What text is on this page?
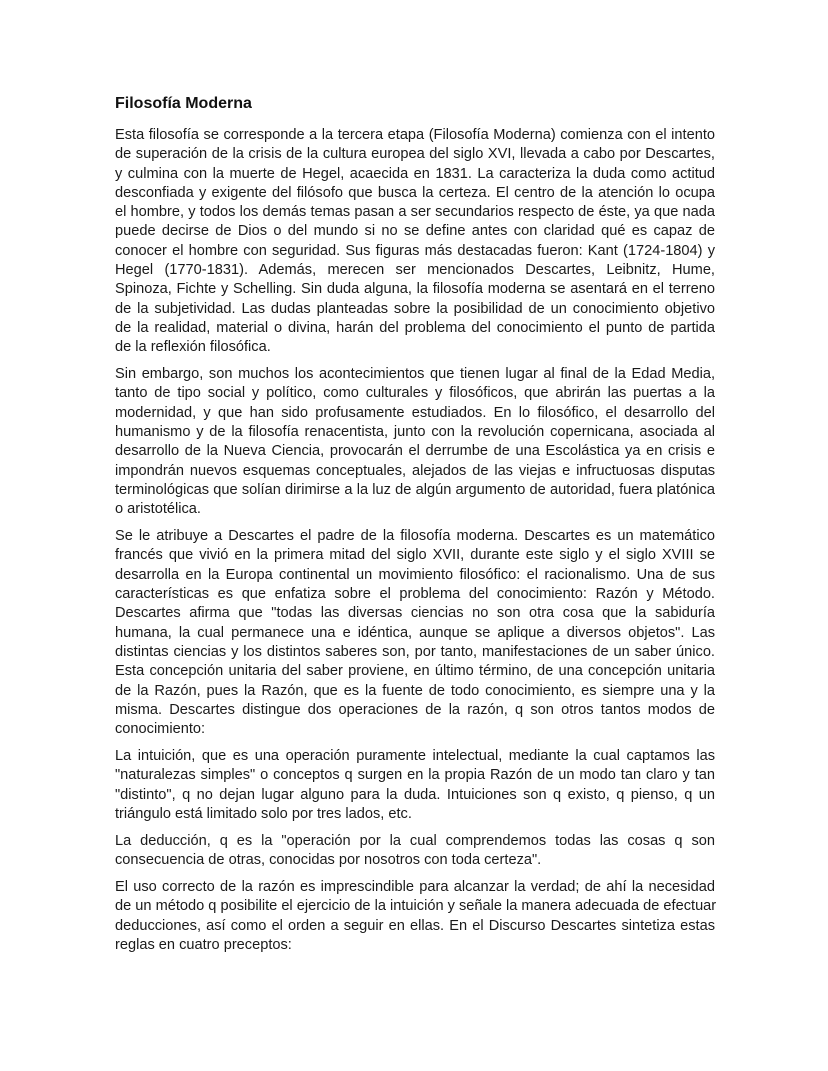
Filosofía Moderna

Esta filosofía se corresponde a la tercera etapa (Filosofía Moderna) comienza con el intento
de superación de la crisis de la cultura europea del siglo XVI, llevada a cabo por Descartes,
y culmina con la muerte de Hegel, acaecida en 1831. La caracteriza la duda como actitud
desconfiada y exigente del filósofo que busca la certeza. El centro de la atención lo ocupa
el hombre, y todos los demás temas pasan a ser secundarios respecto de éste, ya que nada
puede decirse de Dios o del mundo si no se define antes con claridad qué es capaz de
conocer el hombre con seguridad. Sus figuras más destacadas fueron: Kant (1724-1804) y
Hegel (1770-1831). Además, merecen ser mencionados Descartes, Leibnitz, Hume,
Spinoza, Fichte y Schelling. Sin duda alguna, la filosofía moderna se asentará en el terreno
de la subjetividad. Las dudas planteadas sobre la posibilidad de un conocimiento objetivo
de la realidad, material o divina, harán del problema del conocimiento el punto de partida
de la reflexión filosófica.

Sin embargo, son muchos los acontecimientos que tienen lugar al final de la Edad Media,
tanto de tipo social y político, como culturales y filosóficos, que abrirán las puertas a la
modernidad, y que han sido profusamente estudiados. En lo filosófico, el desarrollo del
humanismo y de la filosofía renacentista, junto con la revolución copernicana, asociada al
desarrollo de la Nueva Ciencia, provocarán el derrumbe de una Escolástica ya en crisis e
impondrán nuevos esquemas conceptuales, alejados de las viejas e infructuosas disputas
terminológicas que solían dirimirse a la luz de algún argumento de autoridad, fuera platónica
o aristotélica.

Se le atribuye a Descartes el padre de la filosofía moderna. Descartes es un matemático
francés que vivió en la primera mitad del siglo XVII, durante este siglo y el siglo XVIII se
desarrolla en la Europa continental un movimiento filosófico: el racionalismo. Una de sus
características es que enfatiza sobre el problema del conocimiento: Razón y Método.
Descartes afirma que "todas las diversas ciencias no son otra cosa que la sabiduría
humana, la cual permanece una e idéntica, aunque se aplique a diversos objetos". Las
distintas ciencias y los distintos saberes son, por tanto, manifestaciones de un saber único.
Esta concepción unitaria del saber proviene, en último término, de una concepción unitaria
de la Razón, pues la Razón, que es la fuente de todo conocimiento, es siempre una y la
misma. Descartes distingue dos operaciones de la razón, q son otros tantos modos de
conocimiento:

La intuición, que es una operación puramente intelectual, mediante la cual captamos las
"naturalezas simples" o conceptos q surgen en la propia Razón de un modo tan claro y tan
"distinto", q no dejan lugar alguno para la duda. Intuiciones son q existo, q pienso, q un
triángulo está limitado solo por tres lados, etc.

La deducción, q es la "operación por la cual comprendemos todas las cosas q son
consecuencia de otras, conocidas por nosotros con toda certeza".

El uso correcto de la razón es imprescindible para alcanzar la verdad; de ahí la necesidad
de un método q posibilite el ejercicio de la intuición y señale la manera adecuada de efectuar
deducciones, así como el orden a seguir en ellas. En el Discurso Descartes sintetiza estas
reglas en cuatro preceptos:
